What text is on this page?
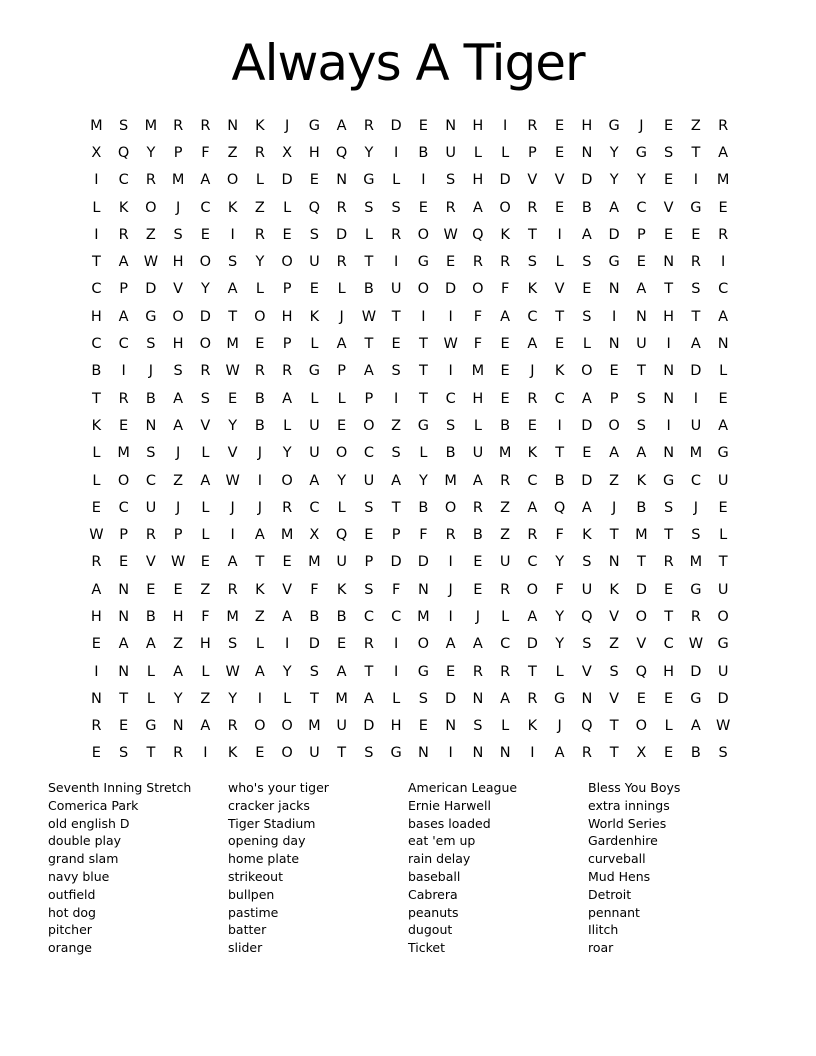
Always A Tiger
M	S	M	R	R	N	K	J	G	A	R	D	E	N	H	I	R	E	H	G	J	E	Z	R
X	Q	Y	P	F	Z	R	X	H	Q	Y	I	B	U	L	L	P	E	N	Y	G	S	T	A
I	C	R	M	A	O	L	D	E	N	G	L	I	S	H	D	V	V	D	Y	Y	E	I	M
L	K	O	J	C	K	Z	L	Q	R	S	S	E	R	A	O	R	E	B	A	C	V	G	E
I	R	Z	S	E	I	R	E	S	D	L	R	O W Q	K	T	I	A	D	P	E	E	R
T	A	W H	O	S	Y	O	U	R	T	I	G	E	R	R	S	L	S	G	E	N	R	I
C	P	D	V	Y	A	L	P	E	L	B	U	O	D	O	F	K	V	E	N	A	T	S	C
H	A	G	O	D	T	O	H	K	J	W	T	I	I	F	A	C	T	S	I	N	H	T	A
C	C	S	H	O	M	E	P	L	A	T	E	T	W	F	E	A	E	L	N	U	I	A	N
B	I	J	S	R	W	R	R	G	P	A	S	T	I	M	E	J	K	O	E	T	N	D	L
T	R	B	A	S	E	B	A	L	L	P	I	T	C	H	E	R	C	A	P	S	N	I	E
K	E	N	A	V	Y	B	L	U	E	O	Z	G	S	L	B	E	I	D	O	S	I	U	A
L	M	S	J	L	V	J	Y	U	O	C	S	L	B	U	M	K	T	E	A	A	N	M	G
L	O	C	Z	A	W	I	O	A	Y	U	A	Y	M	A	R	C	B	D	Z	K	G	C	U
E	C	U	J	L	J	J	R	C	L	S	T	B	O	R	Z	A	Q	A	J	B	S	J	E
W	P	R	P	L	I	A	M	X	Q	E	P	F	R	B	Z	R	F	K	T	M	T	S	L
R	E	V	W	E	A	T	E	M	U	P	D	D	I	E	U	C	Y	S	N	T	R	M	T
A	N	E	E	Z	R	K	V	F	K	S	F	N	J	E	R	O	F	U	K	D	E	G	U
H	N	B	H	F	M	Z	A	B	B	C	C	M	I	J	L	A	Y	Q	V	O	T	R	O
E	A	A	Z	H	S	L	I	D	E	R	I	O	A	A	C	D	Y	S	Z	V	C	W G
I	N	L	A	L	W	A	Y	S	A	T	I	G	E	R	R	T	L	V	S	Q	H	D	U
N	T	L	Y	Z	Y	I	L	T	M	A	L	S	D	N	A	R	G	N	V	E	E	G	D
R	E	G	N	A	R	O	O	M	U	D	H	E	N	S	L	K	J	Q	T	O	L	A	W
E	S	T	R	I	K	E	O	U	T	S	G	N	I	N	N	I	A	R	T	X	E	B	S
Seventh Inning Stretch
Comerica Park
old english D
double play
grand slam
navy blue
outfield
hot dog
pitcher
orange
who's your tiger
cracker jacks
Tiger Stadium
opening day
home plate
strikeout
bullpen
pastime
batter
slider
American League
Ernie Harwell
bases loaded
eat 'em up
rain delay
baseball
Cabrera
peanuts
dugout
Ticket
Bless You Boys
extra innings
World Series
Gardenhire
curveball
Mud Hens
Detroit
pennant
Ilitch
roar
